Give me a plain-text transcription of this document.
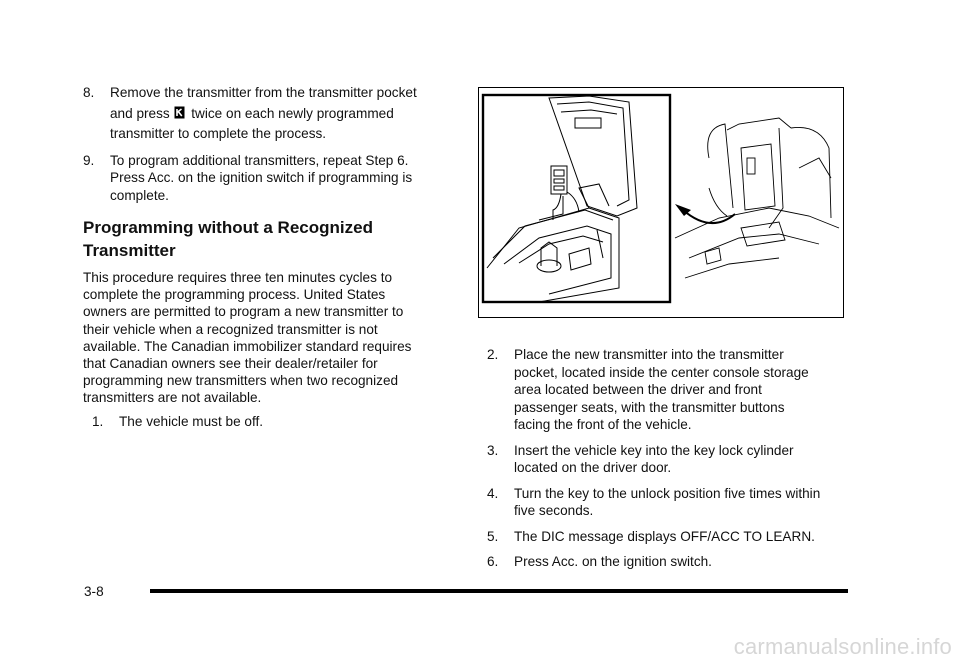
8. Remove the transmitter from the transmitter pocket
and press twice on each newly programmed
transmitter to complete the process.
9. To program additional transmitters, repeat Step 6.
Press Acc. on the ignition switch if programming is
complete.
Programming without a Recognized
Transmitter
This procedure requires three ten minutes cycles to
complete the programming process. United States
owners are permitted to program a new transmitter to
their vehicle when a recognized transmitter is not
available. The Canadian immobilizer standard requires
that Canadian owners see their dealer/retailer for
programming new transmitters when two recognized
transmitters are not available.
1. The vehicle must be off.
2. Place the new transmitter into the transmitter
pocket, located inside the center console storage
area located between the driver and front
passenger seats, with the transmitter buttons
facing the front of the vehicle.
3. Insert the vehicle key into the key lock cylinder
located on the driver door.
4. Turn the key to the unlock position five times within
five seconds.
5. The DIC message displays OFF/ACC TO LEARN.
6. Press Acc. on the ignition switch.
3-8
carmanualsonline.info
